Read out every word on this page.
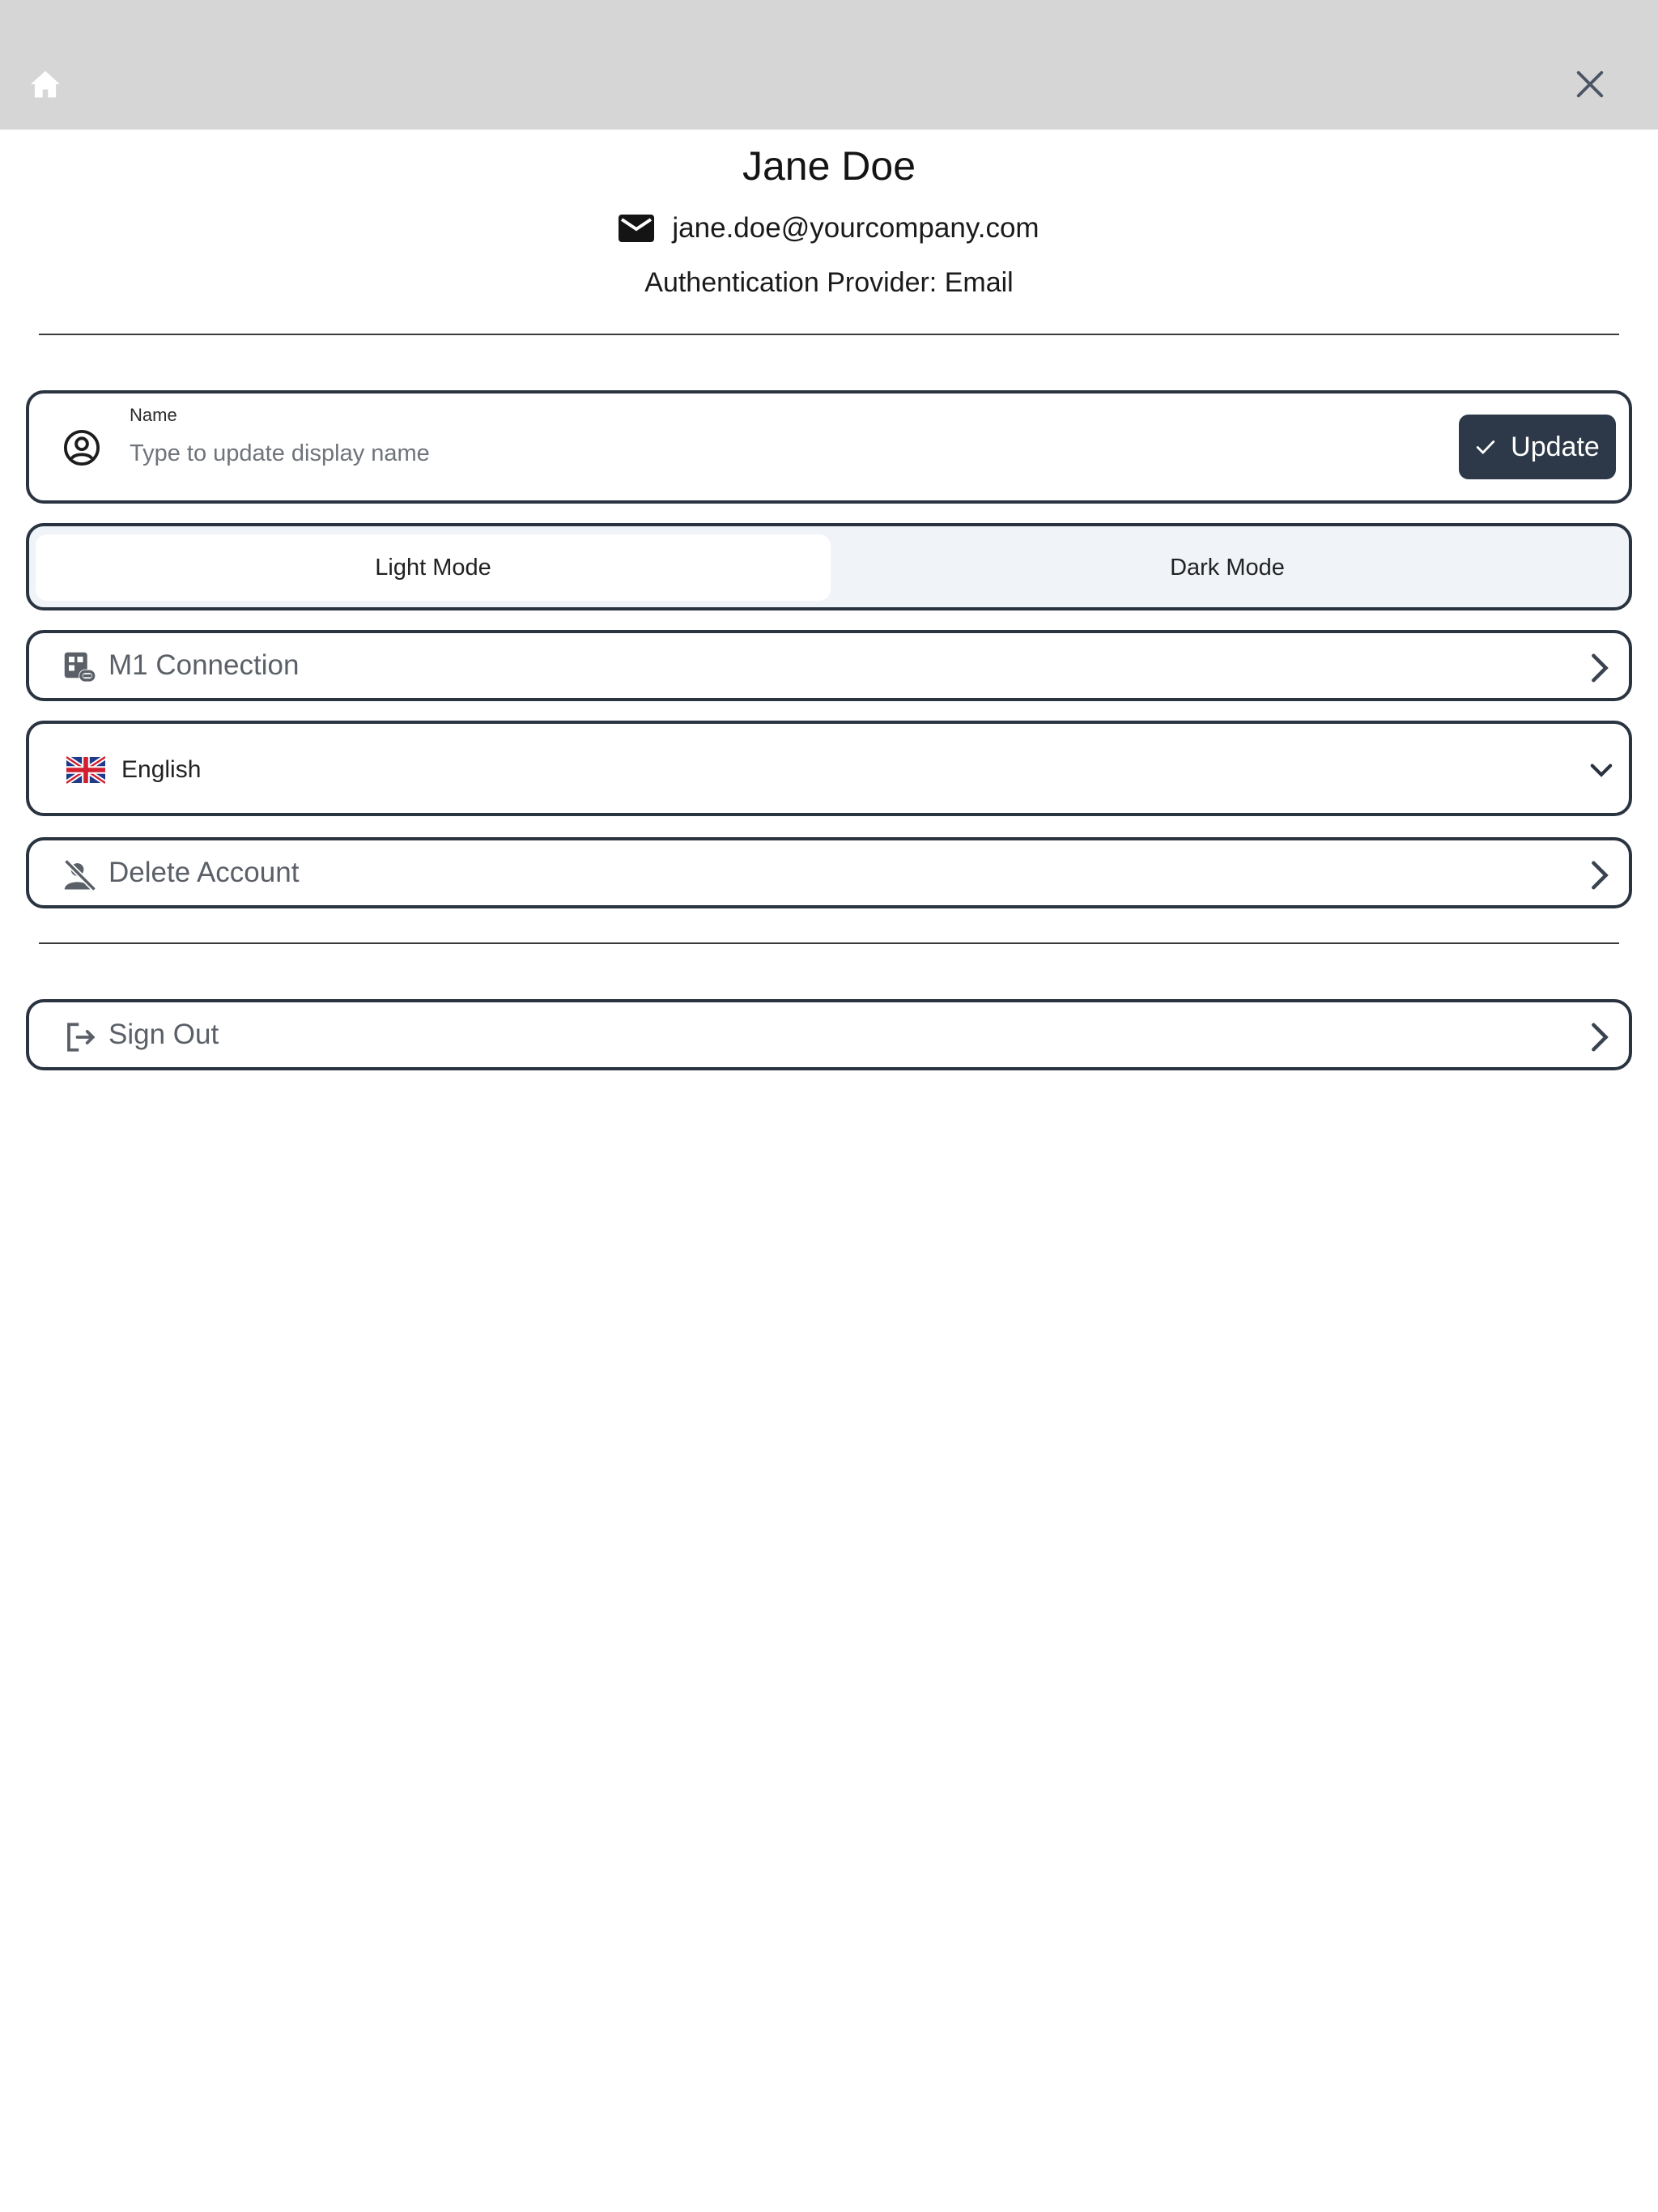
Jane Doe
jane.doe@yourcompany.com
Authentication Provider: Email
Name
Type to update display name
Update
Light Mode	Dark Mode
M1 Connection
English
Delete Account
Sign Out
